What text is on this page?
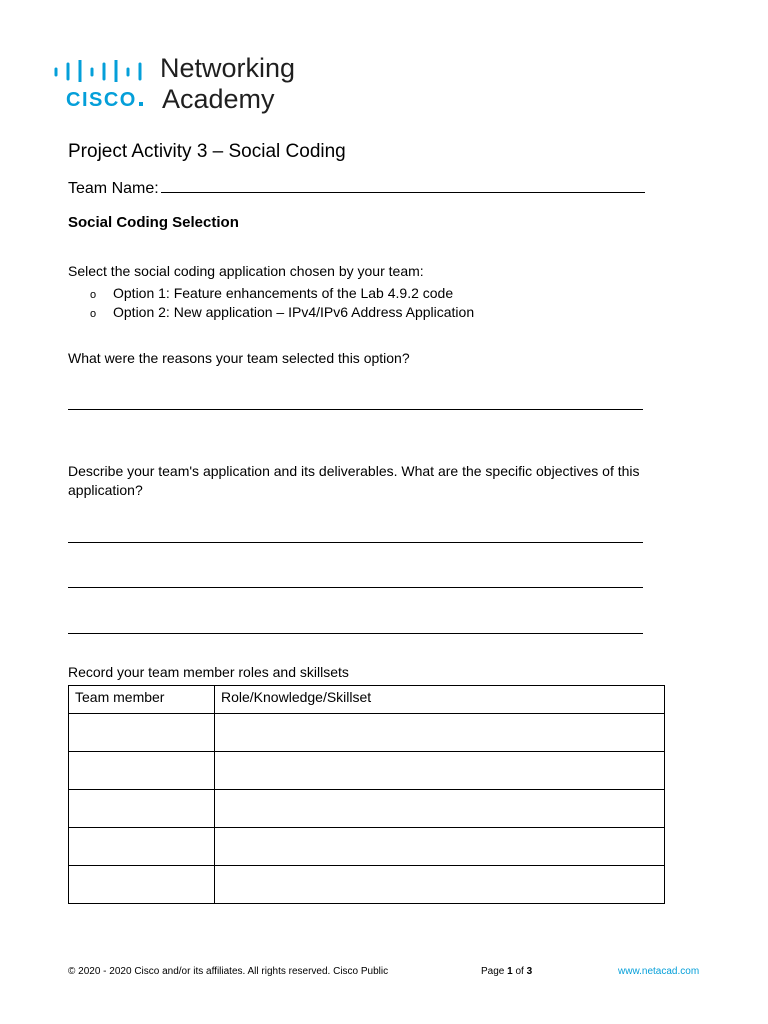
CISCO
Networking
Academy
Project Activity 3 – Social Coding
Team Name:
Social Coding Selection
Select the social coding application chosen by your team:
o Option 1: Feature enhancements of the Lab 4.9.2 code
o Option 2: New application – IPv4/IPv6 Address Application
What were the reasons your team selected this option?
Describe your team's application and its deliverables. What are the specific objectives of this
application?
Record your team member roles and skillsets
Team member	Role/Knowledge/Skillset

© 2020 - 2020 Cisco and/or its affiliates. All rights reserved. Cisco Public	Page 1 of 3	www.netacad.com
